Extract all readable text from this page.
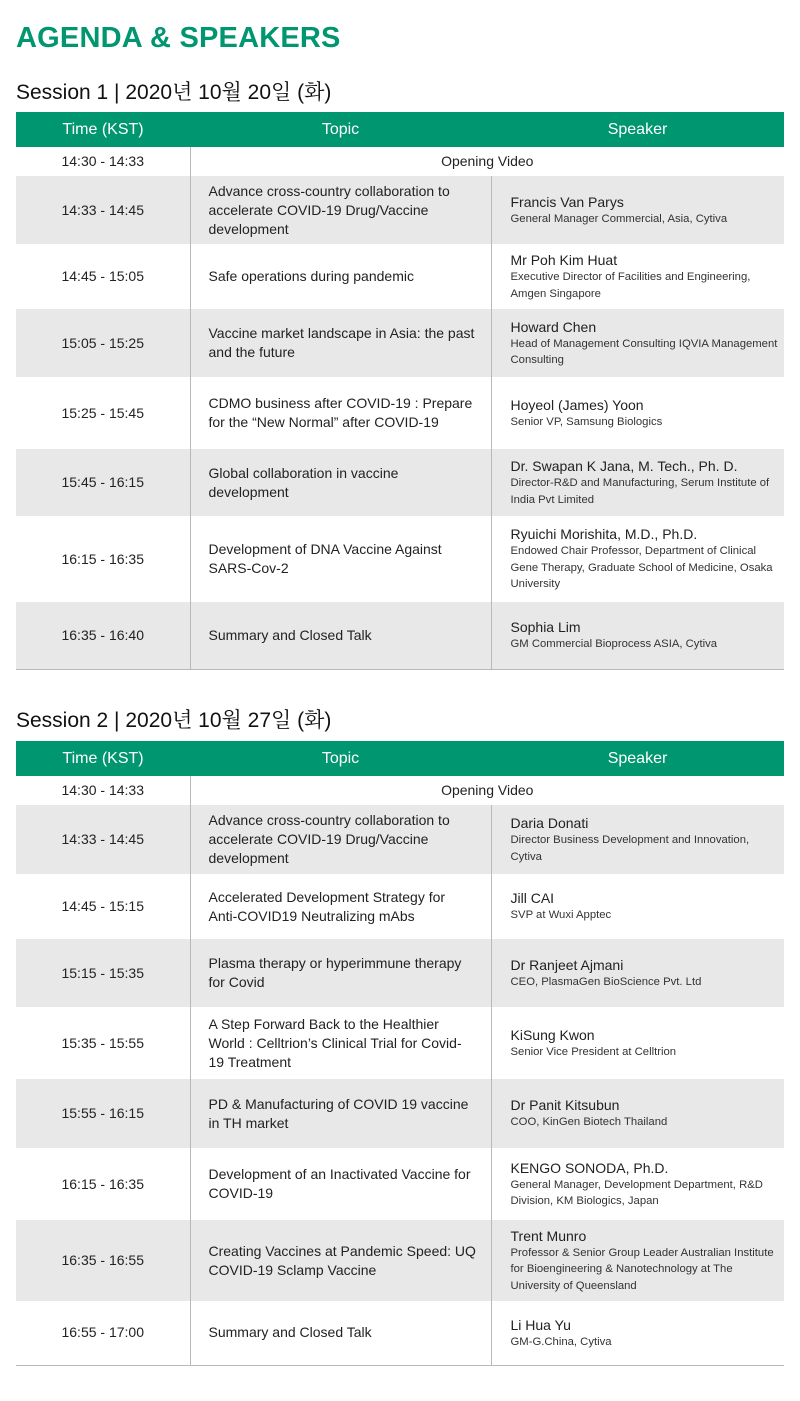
AGENDA & SPEAKERS
Session 1 | 2020년 10월 20일 (화)
Time (KST)	Topic	Speaker
14:30 - 14:33	Opening Video	
14:33 - 14:45	Advance cross-country collaboration to accelerate COVID-19 Drug/Vaccine development	Francis Van Parys
General Manager Commercial, Asia, Cytiva

14:45 - 15:05	Safe operations during pandemic	Mr Poh Kim Huat
Executive Director of Facilities and Engineering, Amgen Singapore

15:05 - 15:25	Vaccine market landscape in Asia: the past and the future	Howard Chen
Head of Management Consulting IQVIA Management Consulting

15:25 - 15:45	CDMO business after COVID-19 : Prepare for the “New Normal” after COVID-19	Hoyeol (James) Yoon
Senior VP, Samsung Biologics

15:45 - 16:15	Global collaboration in vaccine development	Dr. Swapan K Jana, M. Tech., Ph. D.
Director-R&D and Manufacturing, Serum Institute of India Pvt Limited

16:15 - 16:35	Development of DNA Vaccine Against SARS-Cov-2	Ryuichi Morishita, M.D., Ph.D.
Endowed Chair Professor, Department of Clinical Gene Therapy, Graduate School of Medicine, Osaka University

16:35 - 16:40	Summary and Closed Talk	Sophia Lim
GM Commercial Bioprocess ASIA, Cytiva
Session 2 | 2020년 10월 27일 (화)
Time (KST)	Topic	Speaker
14:30 - 14:33	Opening Video	
14:33 - 14:45	Advance cross-country collaboration to accelerate COVID-19 Drug/Vaccine development	Daria Donati
Director Business Development and Innovation, Cytiva

14:45 - 15:15	Accelerated Development Strategy for Anti-COVID19 Neutralizing mAbs	Jill CAI
SVP at Wuxi Apptec

15:15 - 15:35	Plasma therapy or hyperimmune therapy for Covid	Dr Ranjeet Ajmani
CEO, PlasmaGen BioScience Pvt. Ltd

15:35 - 15:55	A Step Forward Back to the Healthier World : Celltrion’s Clinical Trial for Covid-19 Treatment	KiSung Kwon
Senior Vice President at Celltrion

15:55 - 16:15	PD & Manufacturing of COVID 19 vaccine in TH market	Dr Panit Kitsubun
COO, KinGen Biotech Thailand

16:15 - 16:35	Development of an Inactivated Vaccine for COVID-19	KENGO SONODA, Ph.D.
General Manager, Development Department, R&D Division, KM Biologics, Japan

16:35 - 16:55	Creating Vaccines at Pandemic Speed: UQ COVID-19 Sclamp Vaccine	Trent Munro
Professor & Senior Group Leader Australian Institute for Bioengineering & Nanotechnology at The University of Queensland

16:55 - 17:00	Summary and Closed Talk	Li Hua Yu
GM-G.China, Cytiva
